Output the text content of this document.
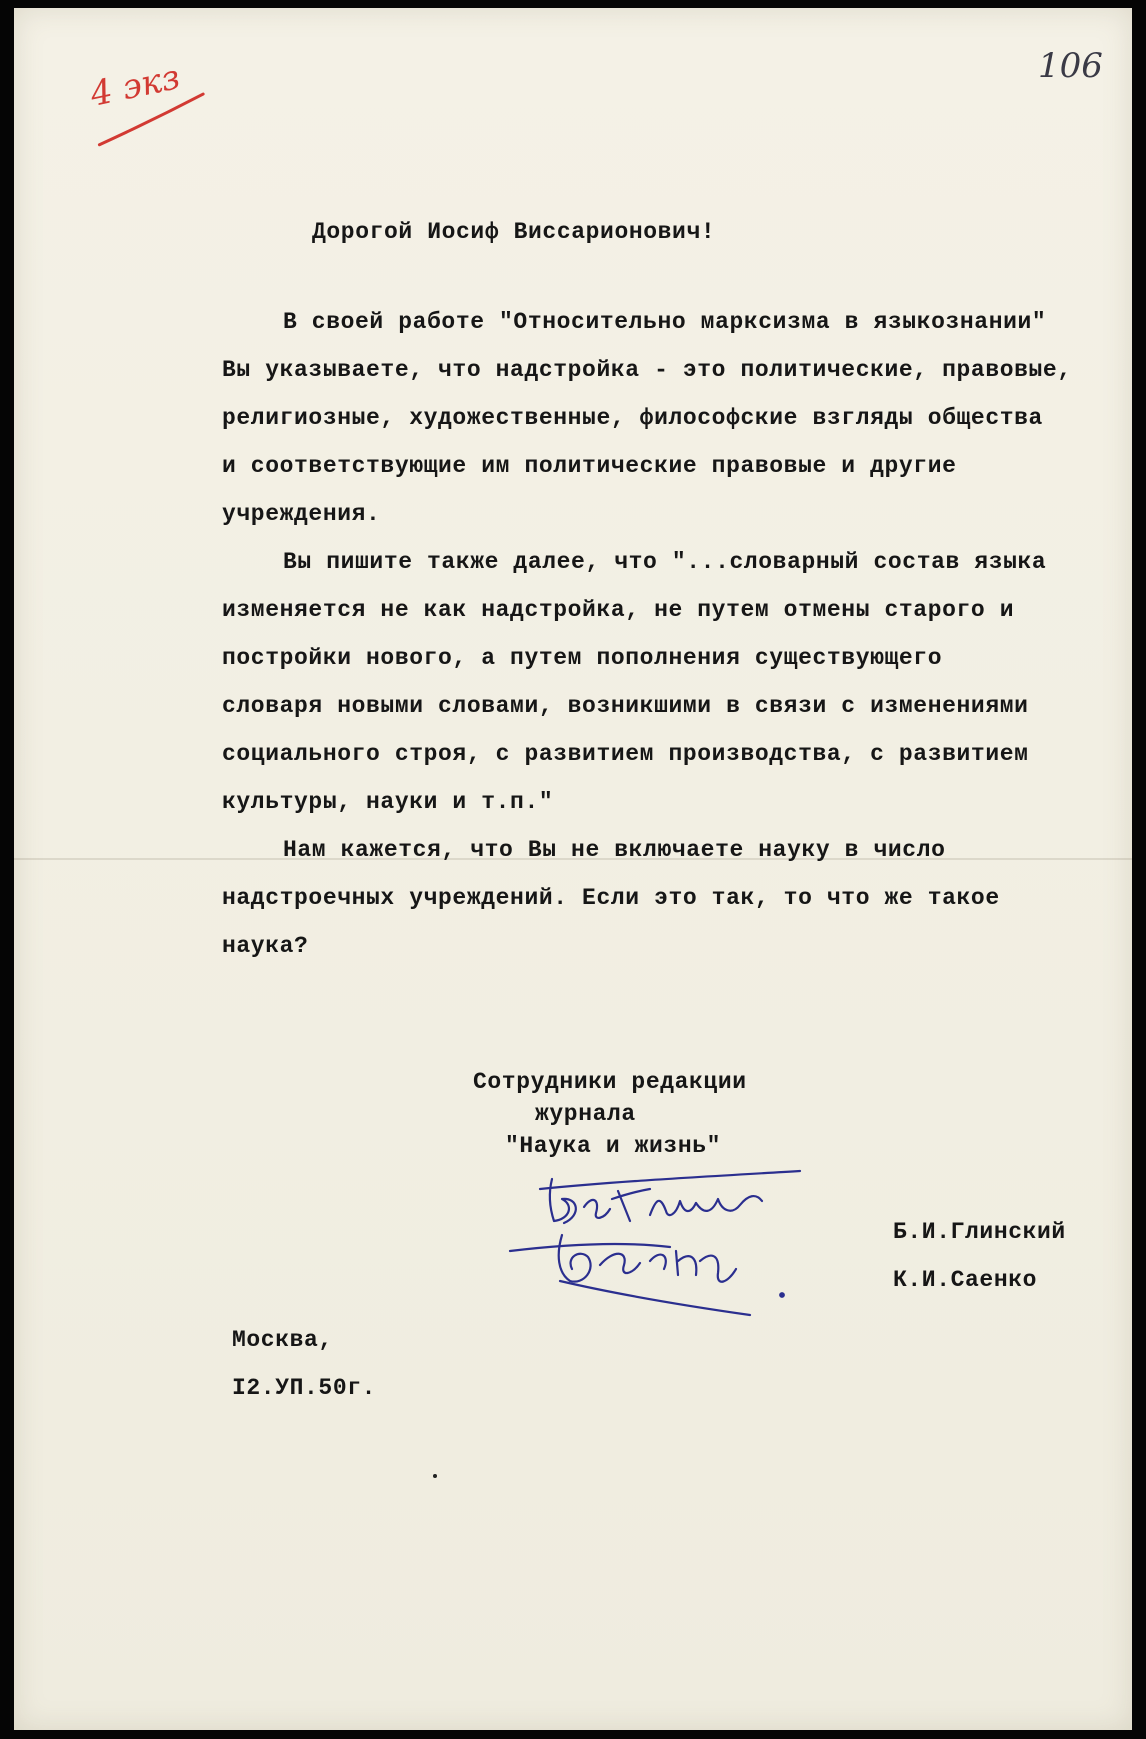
4 экз	106
Дорогой Иосиф Виссарионович!
В своей работе "Относительно марксизма в языкознании"
Вы указываете, что надстройка - это политические, правовые,
религиозные, художественные, философские взгляды общества
и соответствующие им политические правовые и другие
учреждения.
Вы пишите также далее, что "...словарный состав языка
изменяется не как надстройка, не путем отмены старого и
постройки нового, а путем пополнения существующего
словаря новыми словами, возникшими в связи с изменениями
социального строя, с развитием производства, с развитием
культуры, науки и т.п."
Нам кажется, что Вы не включаете науку в число
надстроечных учреждений. Если это так, то что же такое
наука?
Сотрудники редакции
журнала
"Наука и жизнь"
Б.И.Глинский
К.И.Саенко
Москва,
I2.УП.50г.
